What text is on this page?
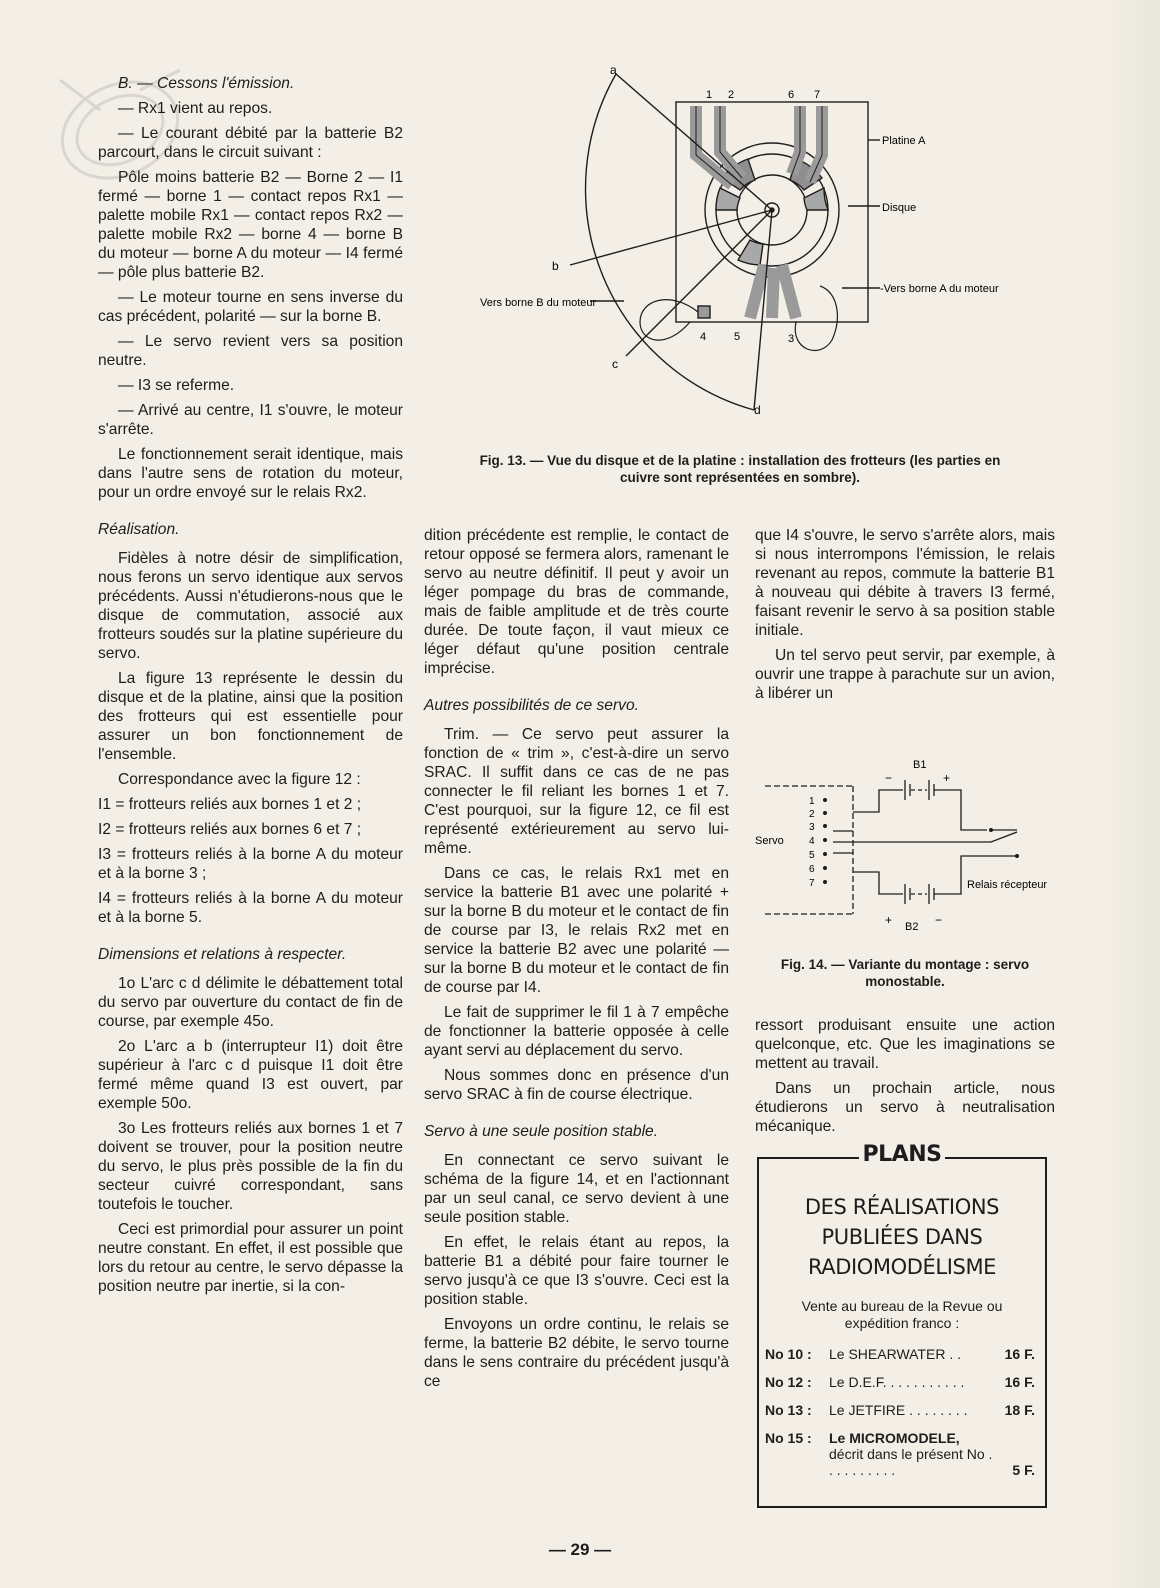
B. — Cessons l'émission.

— Rx1 vient au repos.

— Le courant débité par la batterie B2 parcourt, dans le circuit suivant :

Pôle moins batterie B2 — Borne 2 — I1 fermé — borne 1 — contact repos Rx1 — palette mobile Rx1 — contact repos Rx2 — palette mobile Rx2 — borne 4 — borne B du moteur — borne A du moteur — I4 fermé — pôle plus batterie B2.

— Le moteur tourne en sens inverse du cas précédent, polarité — sur la borne B.

— Le servo revient vers sa position neutre.

— I3 se referme.

— Arrivé au centre, I1 s'ouvre, le moteur s'arrête.

Le fonctionnement serait identique, mais dans l'autre sens de rotation du moteur, pour un ordre envoyé sur le relais Rx2.

Réalisation.

Fidèles à notre désir de simplification, nous ferons un servo identique aux servos précédents. Aussi n'étudierons-nous que le disque de commutation, associé aux frotteurs soudés sur la platine supérieure du servo.

La figure 13 représente le dessin du disque et de la platine, ainsi que la position des frotteurs qui est essentielle pour assurer un bon fonctionnement de l'ensemble.

Correspondance avec la figure 12 :

I1 = frotteurs reliés aux bornes 1 et 2 ;

I2 = frotteurs reliés aux bornes 6 et 7 ;

I3 = frotteurs reliés à la borne A du moteur et à la borne 3 ;

I4 = frotteurs reliés à la borne A du moteur et à la borne 5.

Dimensions et relations à respecter.

1o L'arc c d délimite le débattement total du servo par ouverture du contact de fin de course, par exemple 45o.

2o L'arc a b (interrupteur I1) doit être supérieur à l'arc c d puisque I1 doit être fermé même quand I3 est ouvert, par exemple 50o.

3o Les frotteurs reliés aux bornes 1 et 7 doivent se trouver, pour la position neutre du servo, le plus près possible de la fin du secteur cuivré correspondant, sans toutefois le toucher.

Ceci est primordial pour assurer un point neutre constant. En effet, il est possible que lors du retour au centre, le servo dépasse la position neutre par inertie, si la con-

a
b
c
d
1 2	6 7
4	5	3
Platine A
Disque
-Vers borne A du moteur
Vers borne B du moteur
Fig. 13. — Vue du disque et de la platine : installation des frotteurs (les parties en cuivre sont représentées en sombre).

dition précédente est remplie, le contact de retour opposé se fermera alors, ramenant le servo au neutre définitif. Il peut y avoir un léger pompage du bras de commande, mais de faible amplitude et de très courte durée. De toute façon, il vaut mieux ce léger défaut qu'une position centrale imprécise.

Autres possibilités de ce servo.

Trim. — Ce servo peut assurer la fonction de « trim », c'est-à-dire un servo SRAC. Il suffit dans ce cas de ne pas connecter le fil reliant les bornes 1 et 7. C'est pourquoi, sur la figure 12, ce fil est représenté extérieurement au servo lui-même.

Dans ce cas, le relais Rx1 met en service la batterie B1 avec une polarité + sur la borne B du moteur et le contact de fin de course par I3, le relais Rx2 met en service la batterie B2 avec une polarité — sur la borne B du moteur et le contact de fin de course par I4.

Le fait de supprimer le fil 1 à 7 empêche de fonctionner la batterie opposée à celle ayant servi au déplacement du servo.

Nous sommes donc en présence d'un servo SRAC à fin de course électrique.

Servo à une seule position stable.

En connectant ce servo suivant le schéma de la figure 14, et en l'actionnant par un seul canal, ce servo devient à une seule position stable.

En effet, le relais étant au repos, la batterie B1 a débité pour faire tourner le servo jusqu'à ce que I3 s'ouvre. Ceci est la position stable.

Envoyons un ordre continu, le relais se ferme, la batterie B2 débite, le servo tourne dans le sens contraire du précédent jusqu'à ce

que I4 s'ouvre, le servo s'arrête alors, mais si nous interrompons l'émission, le relais revenant au repos, commute la batterie B1 à nouveau qui débite à travers I3 fermé, faisant revenir le servo à sa position stable initiale.

Un tel servo peut servir, par exemple, à ouvrir une trappe à parachute sur un avion, à libérer un

Servo
1
2
3
4
5
6
7
B1
−	+
+ B2 −
Relais récepteur
Fig. 14. — Variante du montage : servo monostable.

ressort produisant ensuite une action quelconque, etc. Que les imaginations se mettent au travail.

Dans un prochain article, nous étudierons un servo à neutralisation mécanique.

PLANS
DES RÉALISATIONS
PUBLIÉES DANS
RADIOMODÉLISME
Vente au bureau de la Revue ou expédition franco :
No 10 :	Le SHEARWATER . .	16 F.
No 12 :	Le D.E.F. . . . . . . . . . .	16 F.
No 13 :	Le JETFIRE . . . . . . . .	18 F.
No 15 :	Le MICROMODELE,
décrit dans le présent No . . . . . . . . . .	5 F.
— 29 —
